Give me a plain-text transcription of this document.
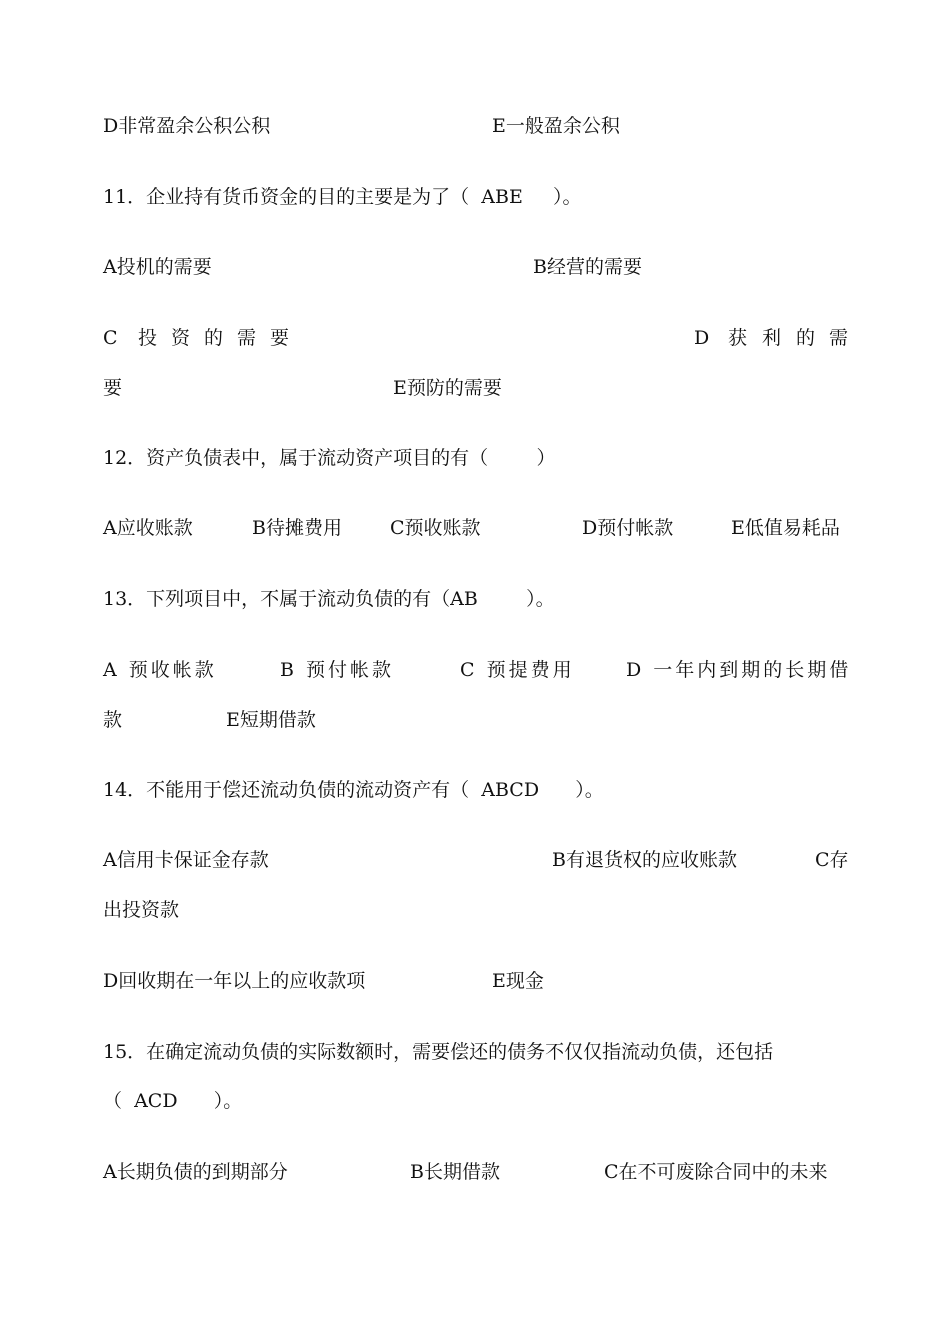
D非常盈余公积公积	E一般盈余公积
11．企业持有货币资金的目的主要是为了（  ABE     ）。
A投机的需要	B经营的需要
C 投 资 的 需 要	D 获 利 的 需
要	E预防的需要
12．资产负债表中，属于流动资产项目的有（        ）
A应收账款	B待摊费用	C预收账款	D预付帐款	E低值易耗品
13．下列项目中，不属于流动负债的有（AB        ）。
A 预收帐款	B 预付帐款	C 预提费用	D 一年内到期的长期借
款	E短期借款
14．不能用于偿还流动负债的流动资产有（  ABCD      ）。
A信用卡保证金存款	B有退货权的应收账款	C存
出投资款
D回收期在一年以上的应收款项	E现金
15．在确定流动负债的实际数额时，需要偿还的债务不仅仅指流动负债，还包括
（  ACD      ）。
A长期负债的到期部分	B长期借款	C在不可废除合同中的未来
